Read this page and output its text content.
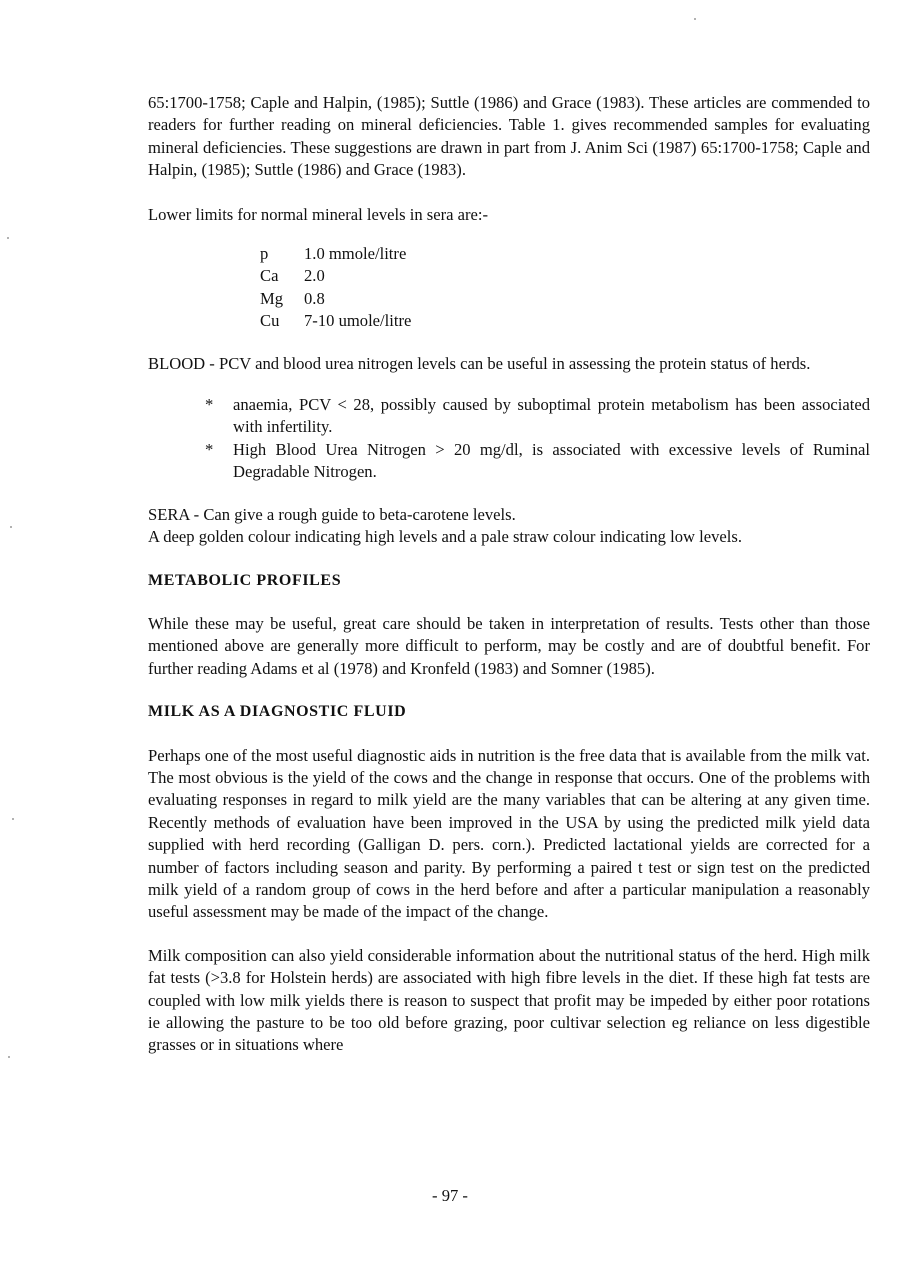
65:1700-1758; Caple and Halpin, (1985); Suttle (1986) and Grace (1983). These articles are commended to readers for further reading on mineral deficiencies. Table 1. gives recommended samples for evaluating mineral deficiencies. These suggestions are drawn in part from J. Anim Sci (1987) 65:1700-1758; Caple and Halpin, (1985); Suttle (1986) and Grace (1983).

Lower limits for normal mineral levels in sera are:-

p	1.0 mmole/litre
Ca	2.0
Mg	0.8
Cu	7-10 umole/litre

BLOOD - PCV and blood urea nitrogen levels can be useful in assessing the protein status of herds.

* anaemia, PCV < 28, possibly caused by suboptimal protein metabolism has been associated with infertility.
* High Blood Urea Nitrogen > 20 mg/dl, is associated with excessive levels of Ruminal Degradable Nitrogen.

SERA - Can give a rough guide to beta-carotene levels.

A deep golden colour indicating high levels and a pale straw colour indicating low levels.

METABOLIC PROFILES

While these may be useful, great care should be taken in interpretation of results. Tests other than those mentioned above are generally more difficult to perform, may be costly and are of doubtful benefit. For further reading Adams et al (1978) and Kronfeld (1983) and Somner (1985).

MILK AS A DIAGNOSTIC FLUID

Perhaps one of the most useful diagnostic aids in nutrition is the free data that is available from the milk vat. The most obvious is the yield of the cows and the change in response that occurs. One of the problems with evaluating responses in regard to milk yield are the many variables that can be altering at any given time. Recently methods of evaluation have been improved in the USA by using the predicted milk yield data supplied with herd recording (Galligan D. pers. corn.). Predicted lactational yields are corrected for a number of factors including season and parity. By performing a paired t test or sign test on the predicted milk yield of a random group of cows in the herd before and after a particular manipulation a reasonably useful assessment may be made of the impact of the change.

Milk composition can also yield considerable information about the nutritional status of the herd. High milk fat tests (>3.8 for Holstein herds) are associated with high fibre levels in the diet. If these high fat tests are coupled with low milk yields there is reason to suspect that profit may be impeded by either poor rotations ie allowing the pasture to be too old before grazing, poor cultivar selection eg reliance on less digestible grasses or in situations where

- 97 -
